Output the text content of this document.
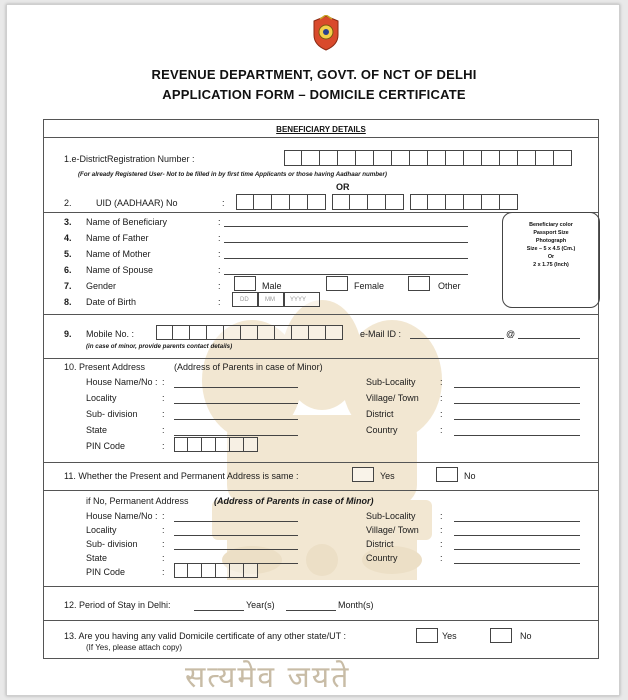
REVENUE DEPARTMENT, GOVT. OF NCT OF DELHI
APPLICATION FORM – DOMICILE CERTIFICATE
सत्यमेव जयते
BENEFICIARY DETAILS
1.e-DistrictRegistration Number :
(For already Registered User- Not to be filled in by first time Applicants or those having Aadhaar number)
OR
2.	UID (AADHAAR) No	:
3. Name of Beneficiary	:
4. Name of Father	:
5. Name of Mother	:
6. Name of Spouse	:
7. Gender	:	Male	Female	Other
8. Date of Birth	:	DD	MM	YYYY
Beneficiary color
Passport Size
Photograph
Size – 5 x 4.5 (Cm.)
Or
2 x 1.75 (Inch)
9. Mobile No. :
(in case of minor, provide parents contact details)
e-Mail ID :	@
10. Present Address	(Address of Parents in case of Minor)
House Name/No : :
Locality	:
Sub- division	:
State	:
PIN Code	:
Sub-Locality	:
Village/ Town :
District	:
Country	:
11. Whether the Present and Permanent Address is same :	Yes	No
if No, Permanent Address	(Address of Parents in case of Minor)
House Name/No : :
Locality	:
Sub- division	:
State	:
PIN Code	:
Sub-Locality	:
Village/ Town :
District	:
Country	:
12. Period of Stay in Delhi:	Year(s)	Month(s)
13. Are you having any valid Domicile certificate of any other state/UT :
(If Yes, please attach copy)
Yes	No
